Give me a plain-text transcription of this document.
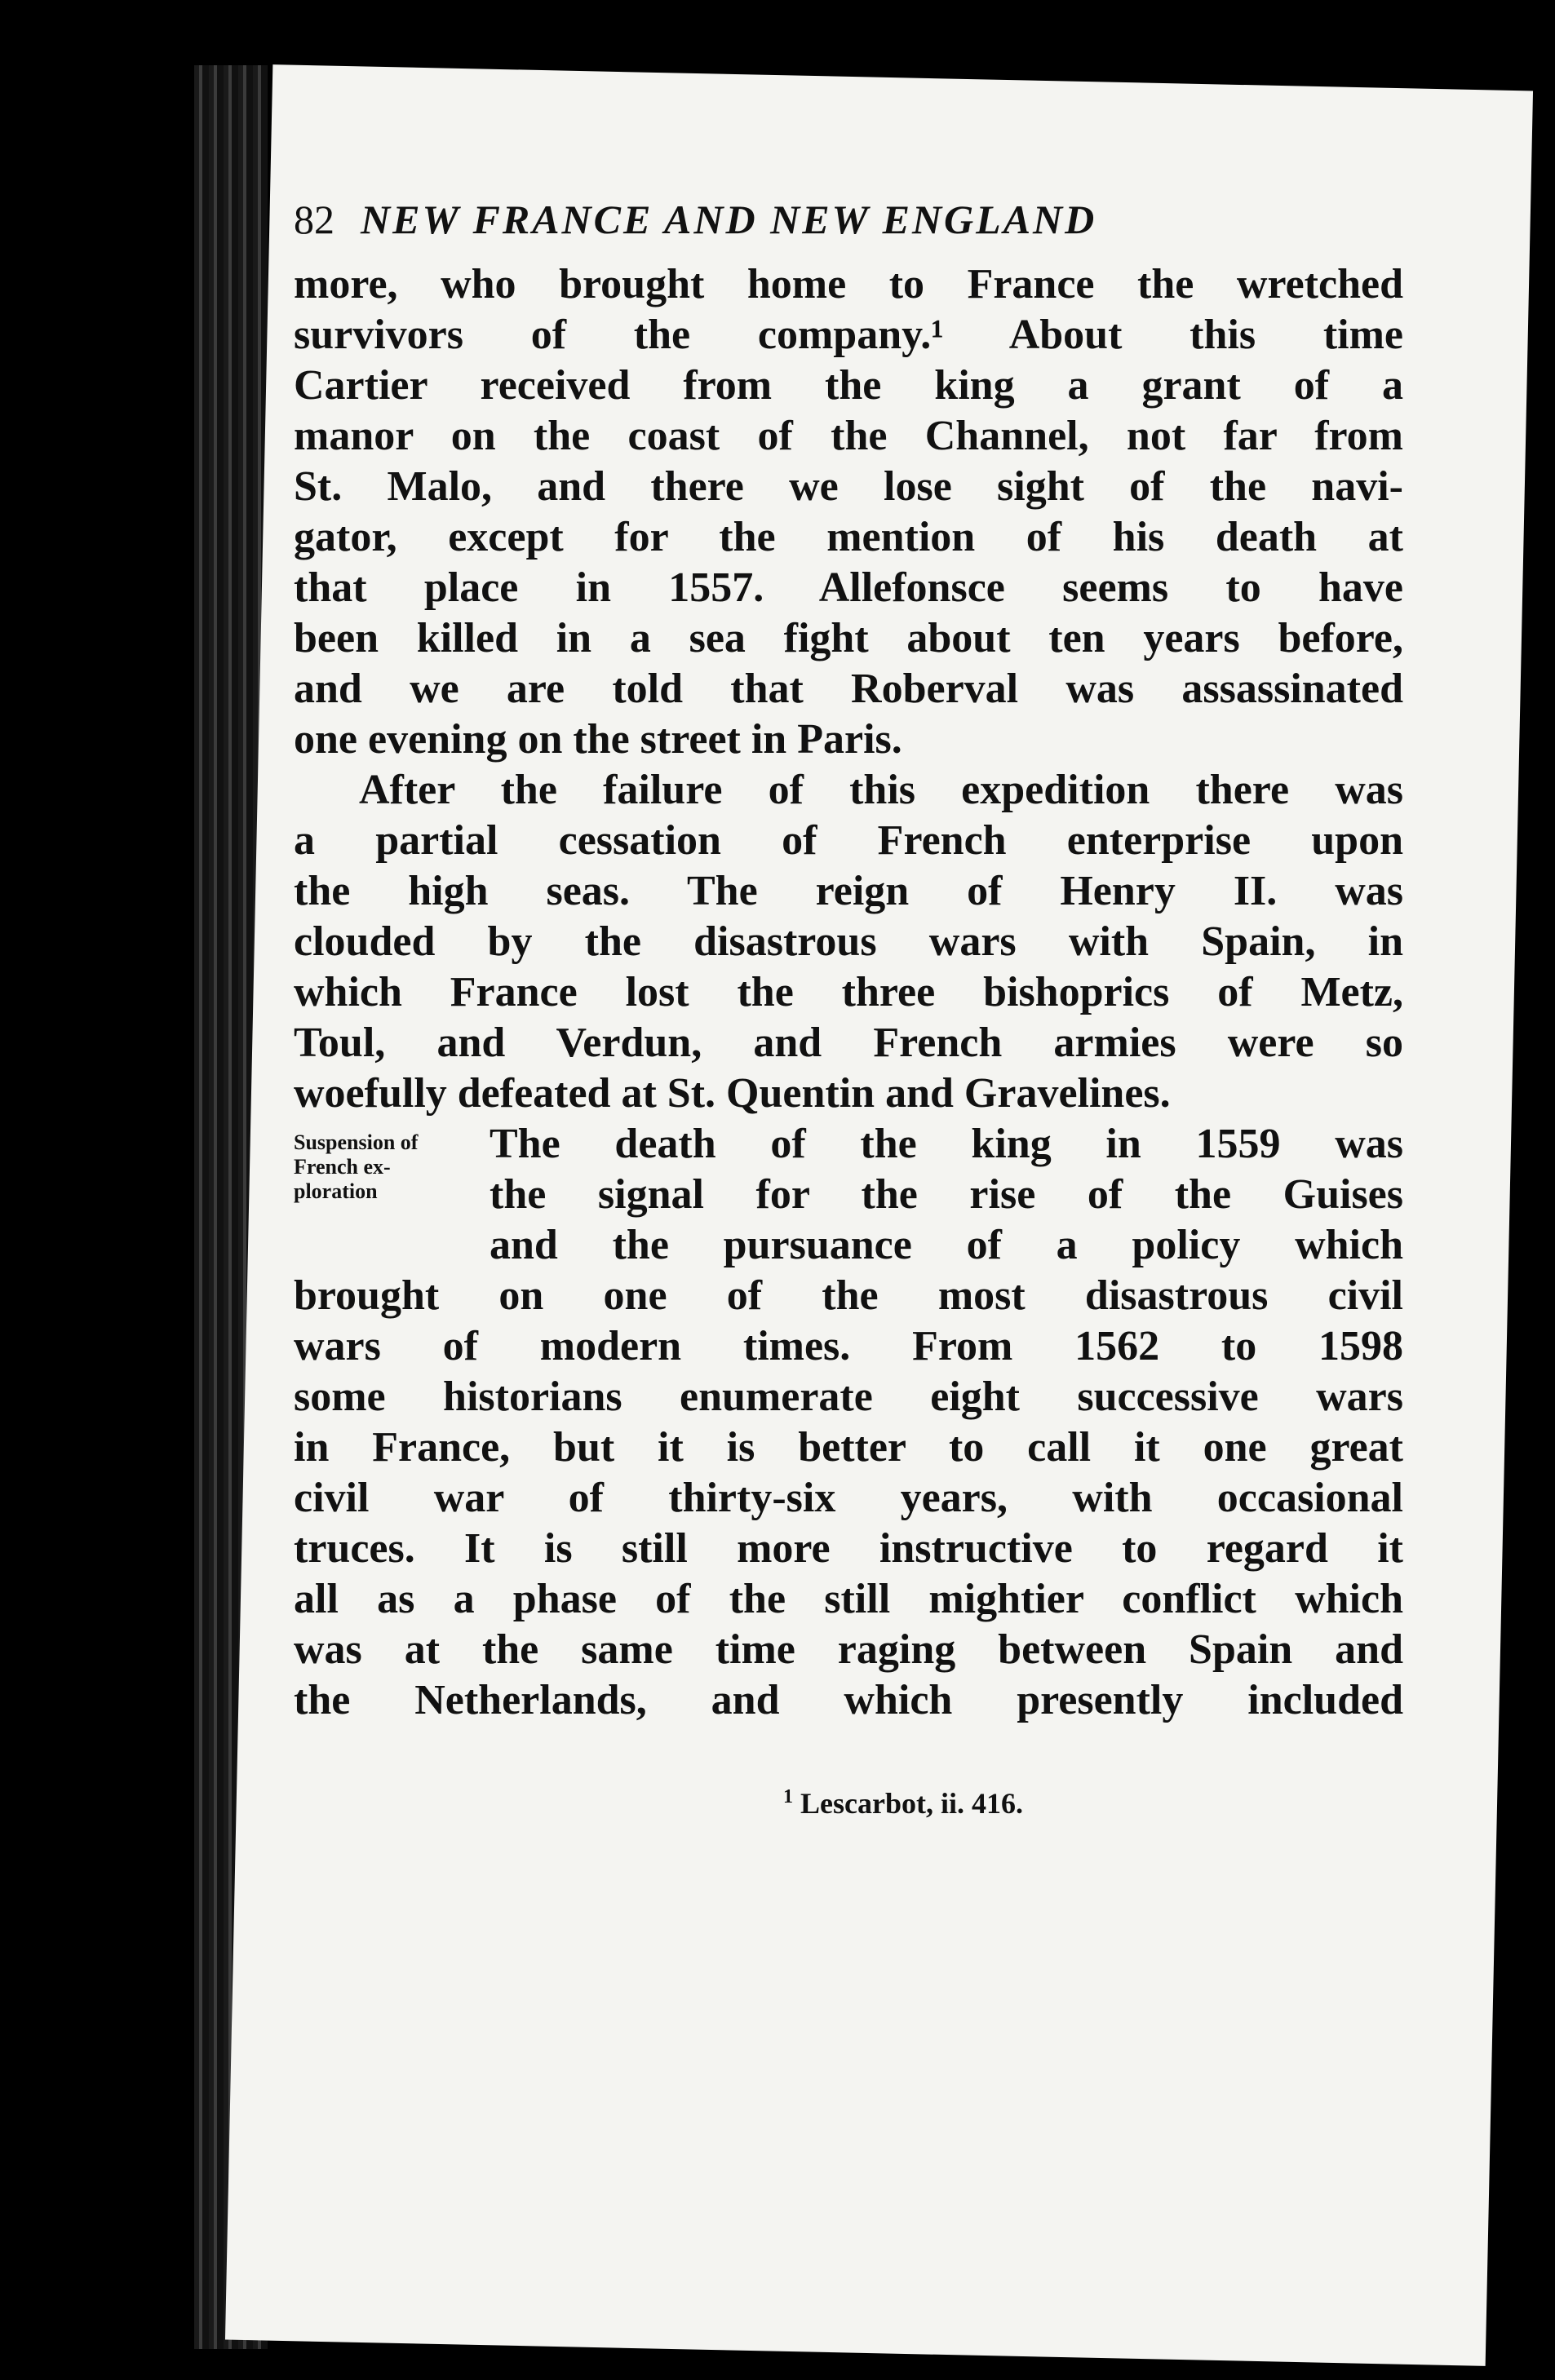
82 NEW FRANCE AND NEW ENGLAND
more, who brought home to France the wretched
survivors of the company.¹ About this time
Cartier received from the king a grant of a
manor on the coast of the Channel, not far from
St. Malo, and there we lose sight of the navi-
gator, except for the mention of his death at
that place in 1557. Allefonsce seems to have
been killed in a sea fight about ten years before,
and we are told that Roberval was assassinated
one evening on the street in Paris.
After the failure of this expedition there was
a partial cessation of French enterprise upon
the high seas. The reign of Henry II. was
clouded by the disastrous wars with Spain, in
which France lost the three bishoprics of Metz,
Toul, and Verdun, and French armies were so
woefully defeated at St. Quentin and Gravelines.
Suspension of
French ex-
ploration
The death of the king in 1559 was
the signal for the rise of the Guises
and the pursuance of a policy which
brought on one of the most disastrous civil
wars of modern times. From 1562 to 1598
some historians enumerate eight successive wars
in France, but it is better to call it one great
civil war of thirty-six years, with occasional
truces. It is still more instructive to regard it
all as a phase of the still mightier conflict which
was at the same time raging between Spain and
the Netherlands, and which presently included
$^1$ Lescarbot, ii. 416.
